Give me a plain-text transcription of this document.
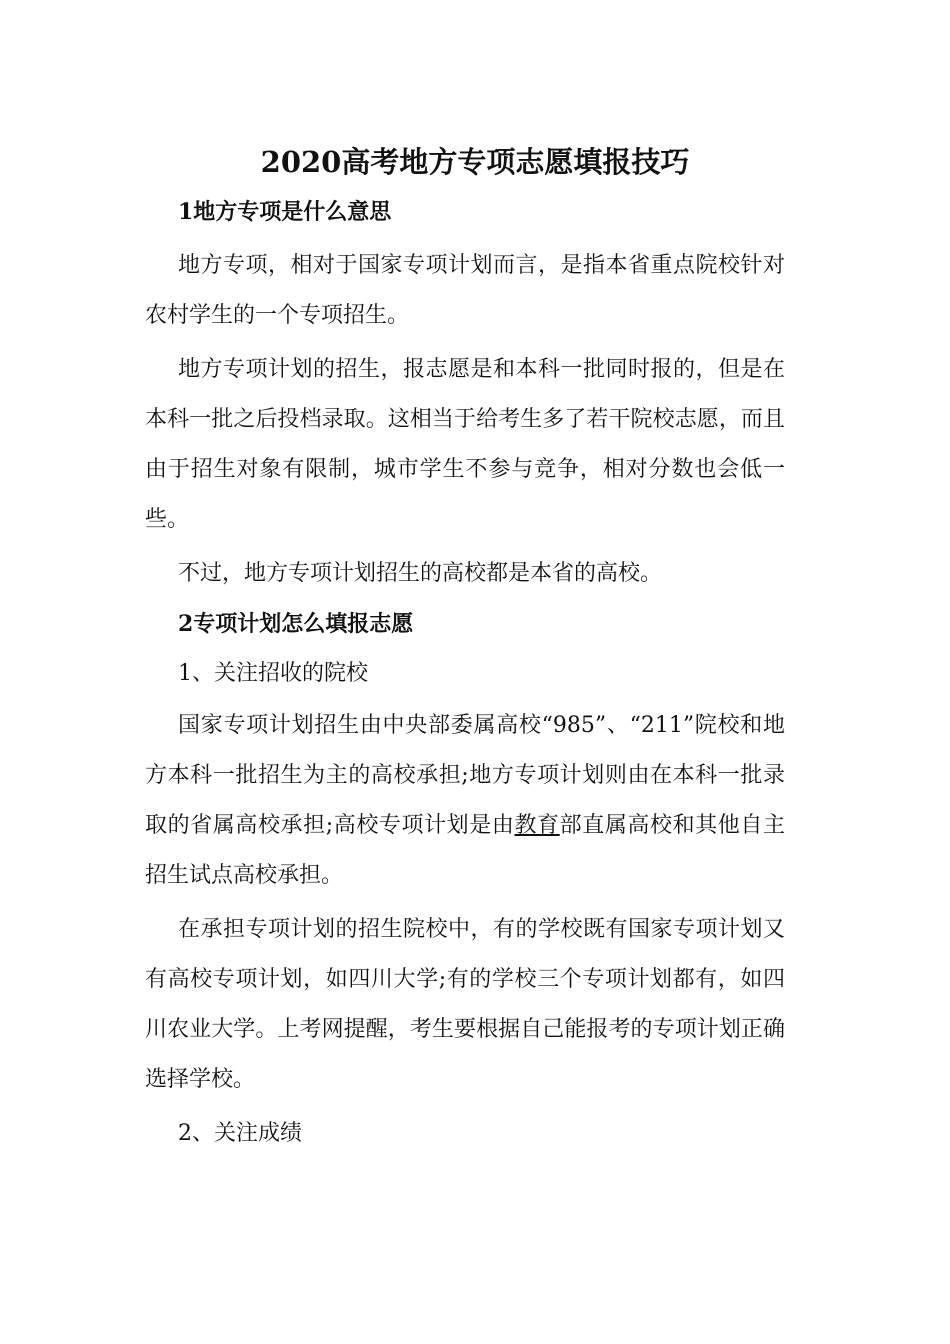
2020高考地方专项志愿填报技巧
1地方专项是什么意思
地方专项，相对于国家专项计划而言，是指本省重点院校针对农村学生的一个专项招生。
地方专项计划的招生，报志愿是和本科一批同时报的，但是在本科一批之后投档录取。这相当于给考生多了若干院校志愿，而且由于招生对象有限制，城市学生不参与竞争，相对分数也会低一些。
不过，地方专项计划招生的高校都是本省的高校。
2专项计划怎么填报志愿
1、关注招收的院校
国家专项计划招生由中央部委属高校“985”、“211”院校和地方本科一批招生为主的高校承担;地方专项计划则由在本科一批录取的省属高校承担;高校专项计划是由教育部直属高校和其他自主招生试点高校承担。
在承担专项计划的招生院校中，有的学校既有国家专项计划又有高校专项计划，如四川大学;有的学校三个专项计划都有，如四川农业大学。上考网提醒，考生要根据自己能报考的专项计划正确选择学校。
2、关注成绩
